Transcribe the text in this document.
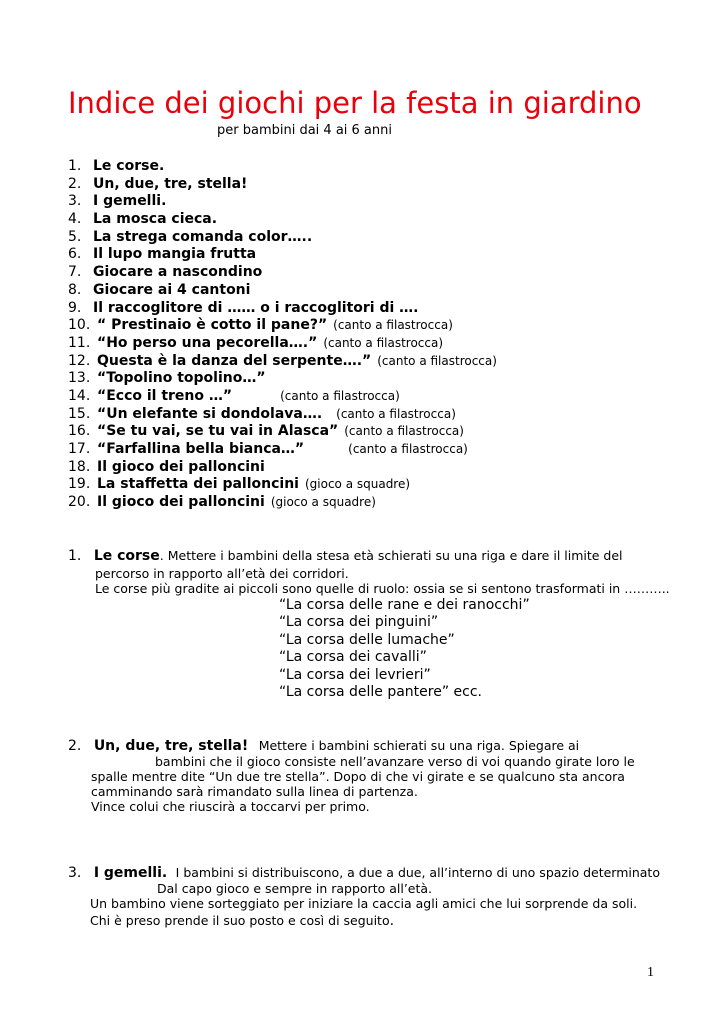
Indice dei giochi per la festa in giardino
per bambini dai 4 ai 6 anni
1. Le corse.
2. Un, due, tre, stella!
3. I gemelli.
4. La mosca cieca.
5. La strega comanda color…..
6. Il lupo mangia frutta
7. Giocare a nascondino
8. Giocare ai 4 cantoni
9. Il raccoglitore di …… o i raccoglitori di ….
10. “ Prestinaio è cotto il pane?” (canto a filastrocca)
11. “Ho perso una pecorella….” (canto a filastrocca)
12. Questa è la danza del serpente….” (canto a filastrocca)
13. “Topolino topolino…”
14. “Ecco il treno …”	(canto a filastrocca)
15. “Un elefante si dondolava…. (canto a filastrocca)
16. “Se tu vai, se tu vai in Alasca” (canto a filastrocca)
17. “Farfallina bella bianca…”	(canto a filastrocca)
18. Il gioco dei palloncini
19. La staffetta dei palloncini (gioco a squadre)
20. Il gioco dei palloncini (gioco a squadre)
1. Le corse. Mettere i bambini della stesa età schierati su una riga e dare il limite del
percorso in rapporto all’età dei corridori.
Le corse più gradite ai piccoli sono quelle di ruolo: ossia se si sentono trasformati in ………..
“La corsa delle rane e dei ranocchi”
“La corsa dei pinguini”
“La corsa delle lumache”
“La corsa dei cavalli”
“La corsa dei levrieri”
“La corsa delle pantere” ecc.
2. Un, due, tre, stella! Mettere i bambini schierati su una riga. Spiegare ai
bambini che il gioco consiste nell’avanzare verso di voi quando girate loro le
spalle mentre dite “Un due tre stella”. Dopo di che vi girate e se qualcuno sta ancora
camminando sarà rimandato sulla linea di partenza.
Vince colui che riuscirà a toccarvi per primo.
3. I gemelli. I bambini si distribuiscono, a due a due, all’interno di uno spazio determinato
Dal capo gioco e sempre in rapporto all’età.
Un bambino viene sorteggiato per iniziare la caccia agli amici che lui sorprende da soli.
Chi è preso prende il suo posto e così di seguito.
1
